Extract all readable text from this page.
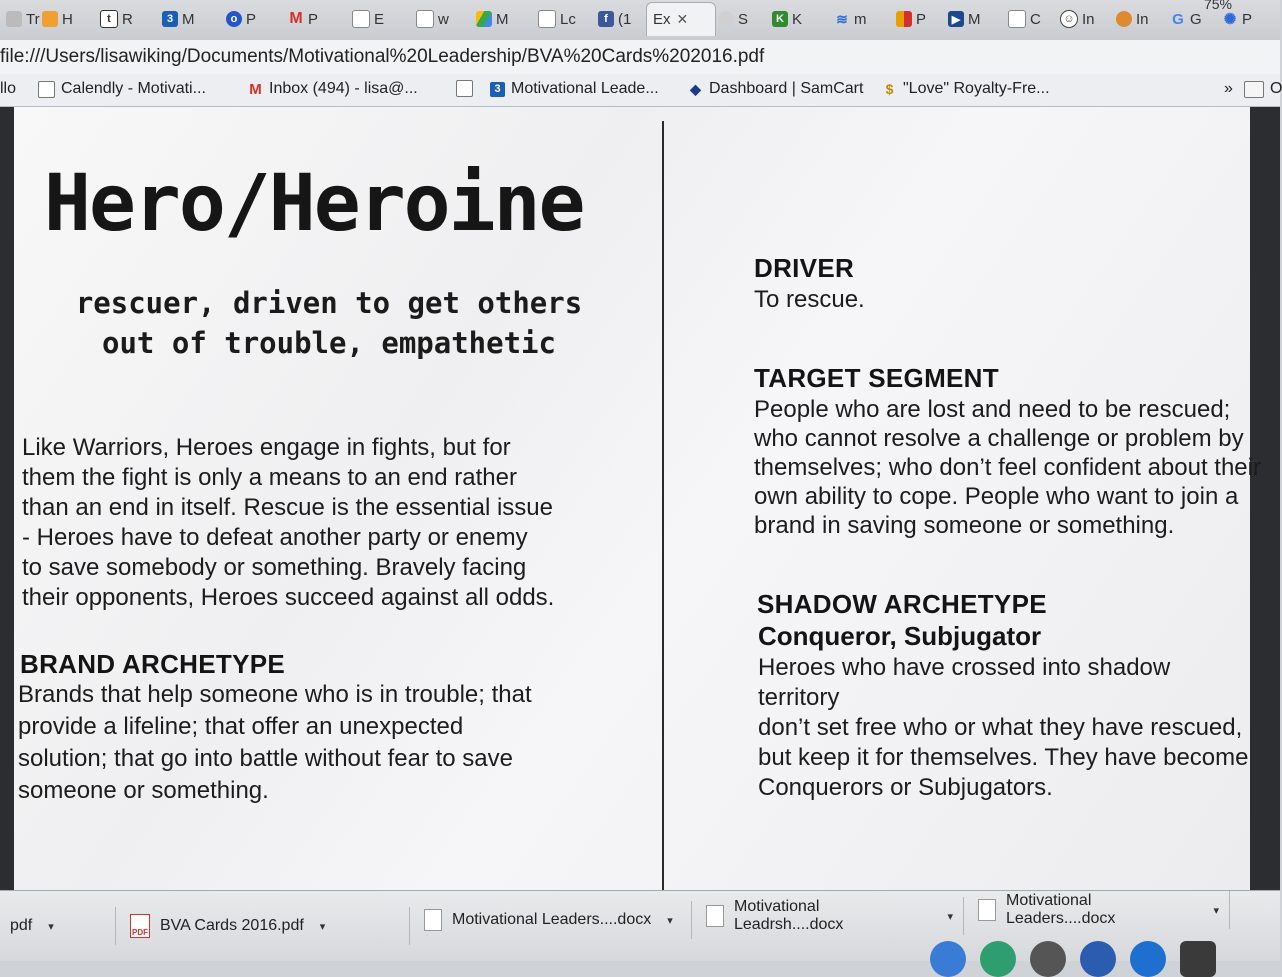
Tr H	t R	3 M	o P M P	E	w	M	Lc	f (1 Ex ✕	S	K K ≋ m	P	▶ M	C	☺ In	In G G ✺ P
75%
file:///Users/lisawiking/Documents/Motivational%20Leadership/BVA%20Cards%202016.pdf
llo	Calendly - Motivati...	M Inbox (494) - lisa@...	3 Motivational Leade... ◆ Dashboard | SamCart $ "Love" Royalty-Fre...	» O
Hero/Heroine
rescuer, driven to get others
out of trouble, empathetic
Like Warriors, Heroes engage in fights, but for
them the fight is only a means to an end rather
than an end in itself. Rescue is the essential issue
- Heroes have to defeat another party or enemy
to save somebody or something. Bravely facing
their opponents, Heroes succeed against all odds.
BRAND ARCHETYPE
Brands that help someone who is in trouble; that
provide a lifeline; that offer an unexpected
solution; that go into battle without fear to save
someone or something.
DRIVER
To rescue.
TARGET SEGMENT
People who are lost and need to be rescued;
who cannot resolve a challenge or problem by
themselves; who don’t feel confident about their
own ability to cope. People who want to join a
brand in saving someone or something.
SHADOW ARCHETYPE
Conqueror, Subjugator
Heroes who have crossed into shadow territory
don’t set free who or what they have rescued,
but keep it for themselves. They have become
Conquerors or Subjugators.
pdf ▾	PDF BVA Cards 2016.pdf ▾	Motivational Leaders....docx ▾
Motivational Leadrsh....docx	▾
Motivational Leaders....docx	▾
